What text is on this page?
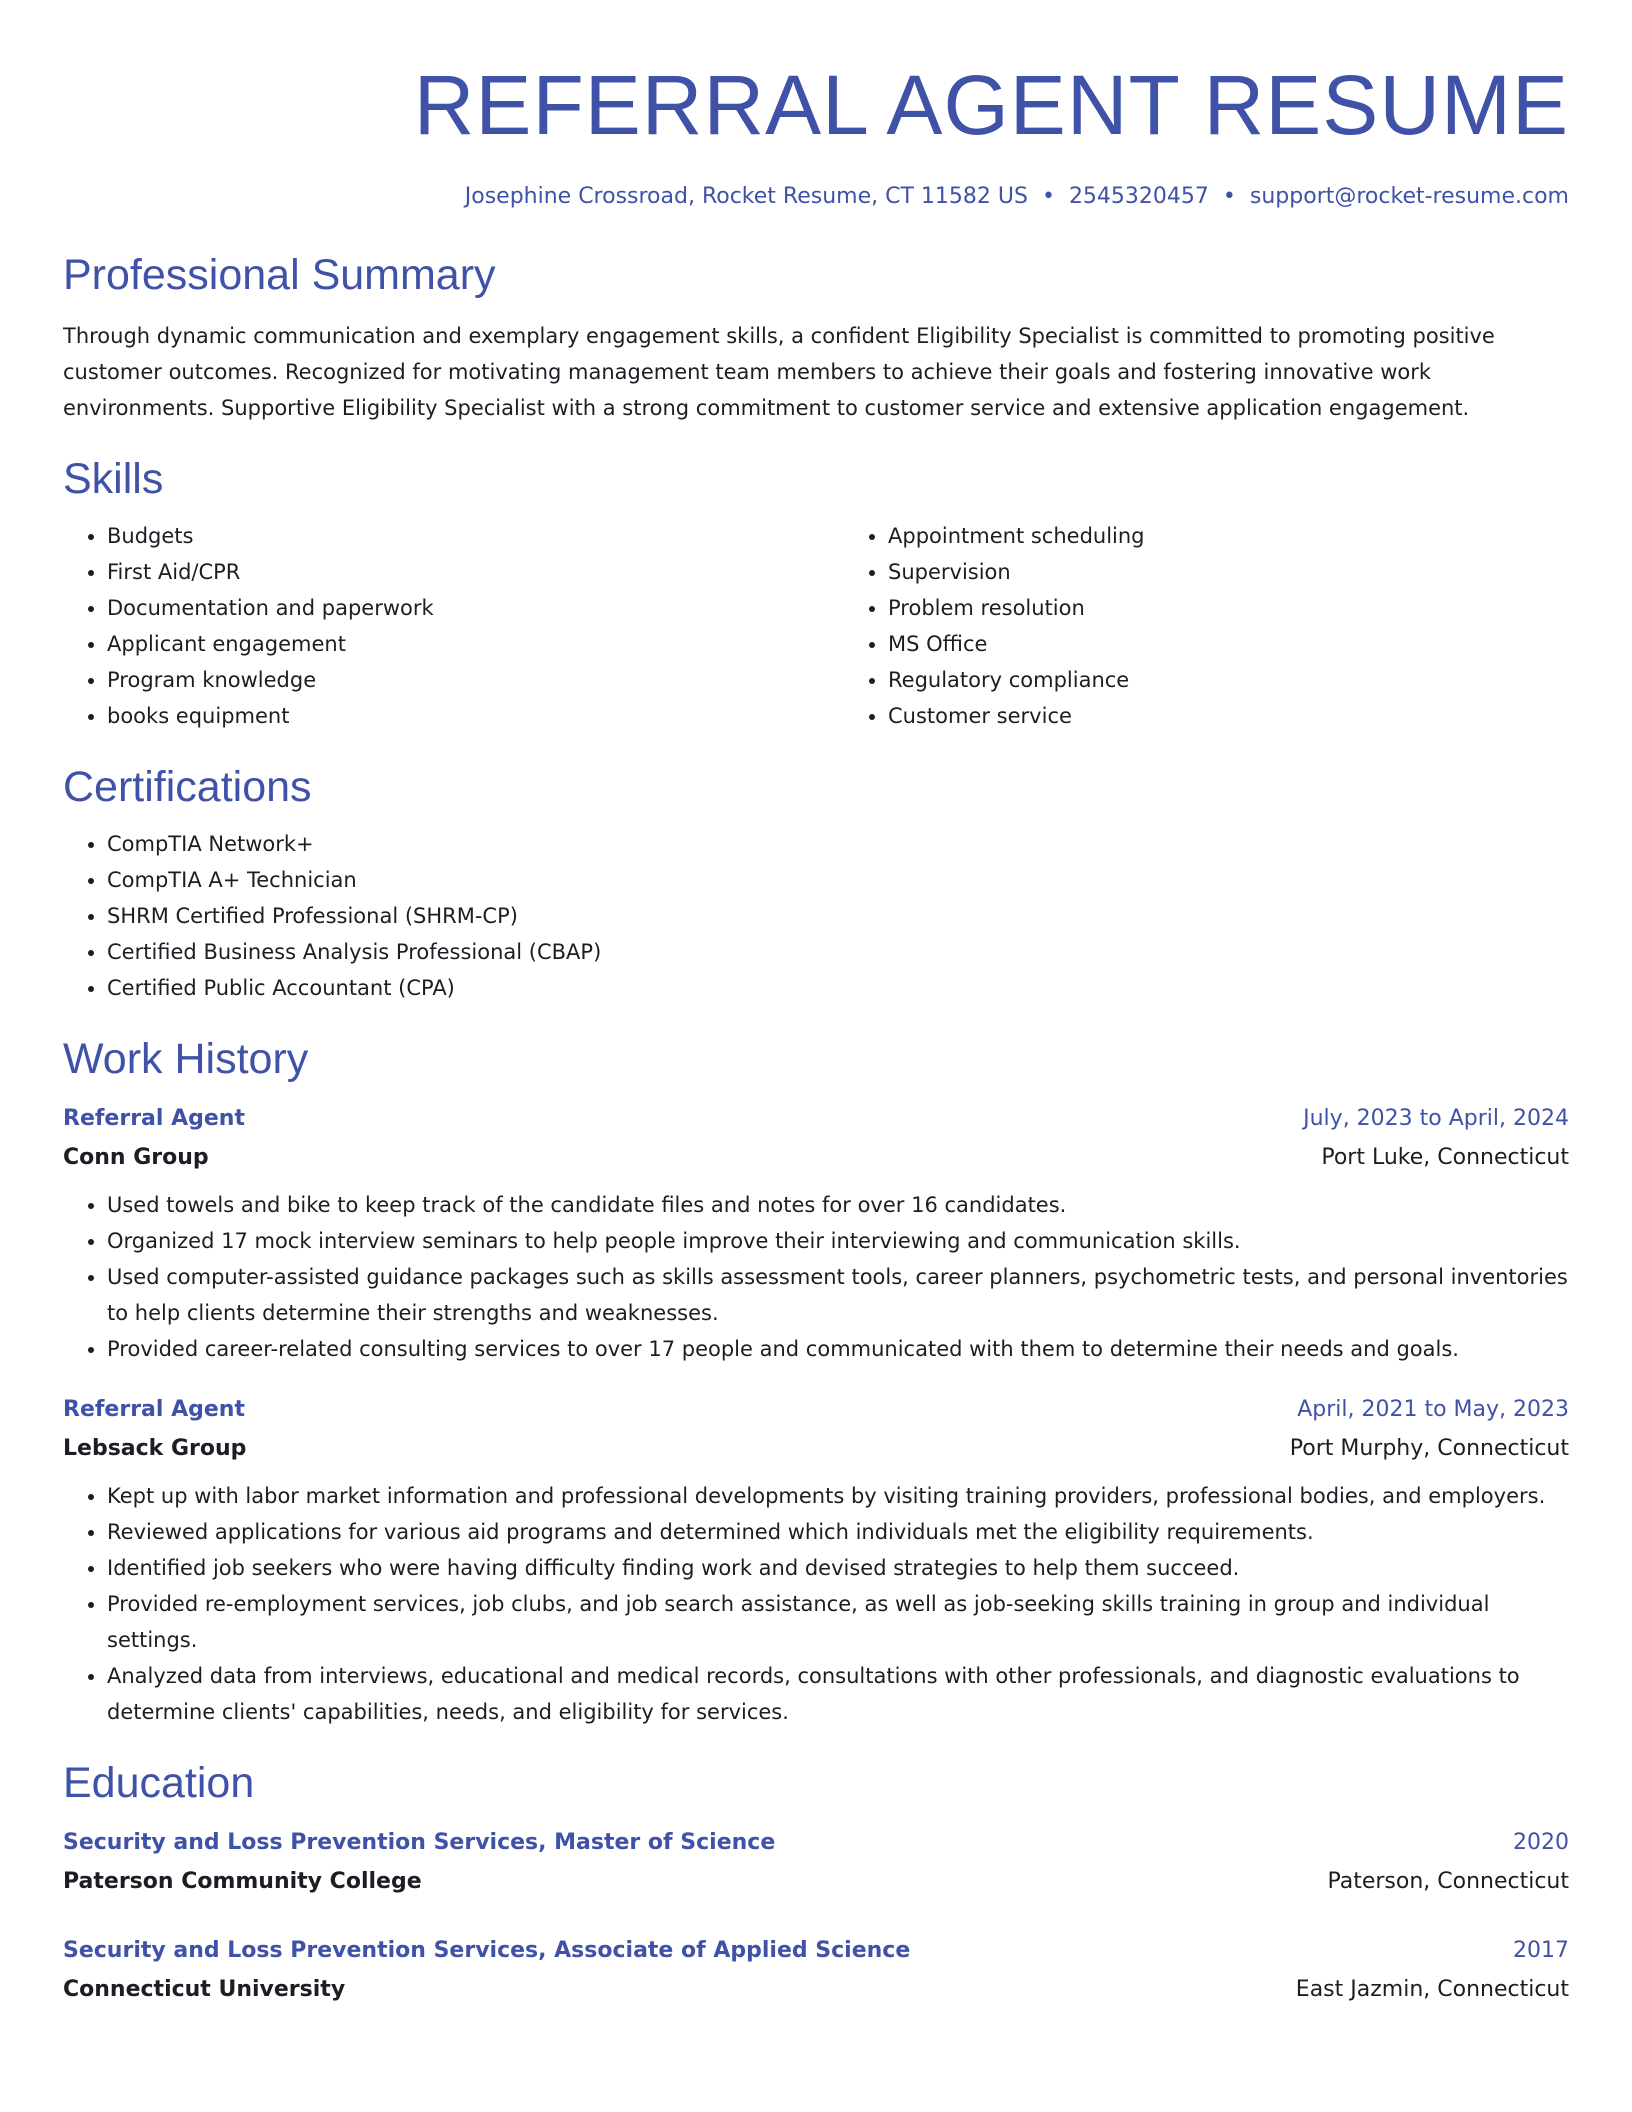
REFERRAL AGENT RESUME
Josephine Crossroad, Rocket Resume, CT 11582 US • 2545320457 • support@rocket-resume.com
Professional Summary

Through dynamic communication and exemplary engagement skills, a confident Eligibility Specialist is committed to promoting positive customer outcomes. Recognized for motivating management team members to achieve their goals and fostering innovative work environments. Supportive Eligibility Specialist with a strong commitment to customer service and extensive application engagement.

Skills
• Budgets
• First Aid/CPR
• Documentation and paperwork
• Applicant engagement
• Program knowledge
• books equipment
• Appointment scheduling
• Supervision
• Problem resolution
• MS Office
• Regulatory compliance
• Customer service
Certifications
• CompTIA Network+
• CompTIA A+ Technician
• SHRM Certified Professional (SHRM-CP)
• Certified Business Analysis Professional (CBAP)
• Certified Public Accountant (CPA)
Work History
Referral Agent	July, 2023 to April, 2024
Conn Group	Port Luke, Connecticut
• Used towels and bike to keep track of the candidate files and notes for over 16 candidates.
• Organized 17 mock interview seminars to help people improve their interviewing and communication skills.
• Used computer-assisted guidance packages such as skills assessment tools, career planners, psychometric tests, and personal inventories to help clients determine their strengths and weaknesses.
• Provided career-related consulting services to over 17 people and communicated with them to determine their needs and goals.
Referral Agent	April, 2021 to May, 2023
Lebsack Group	Port Murphy, Connecticut
• Kept up with labor market information and professional developments by visiting training providers, professional bodies, and employers.
• Reviewed applications for various aid programs and determined which individuals met the eligibility requirements.
• Identified job seekers who were having difficulty finding work and devised strategies to help them succeed.
• Provided re-employment services, job clubs, and job search assistance, as well as job-seeking skills training in group and individual settings.
• Analyzed data from interviews, educational and medical records, consultations with other professionals, and diagnostic evaluations to determine clients' capabilities, needs, and eligibility for services.
Education
Security and Loss Prevention Services, Master of Science	2020
Paterson Community College	Paterson, Connecticut
Security and Loss Prevention Services, Associate of Applied Science	2017
Connecticut University	East Jazmin, Connecticut
